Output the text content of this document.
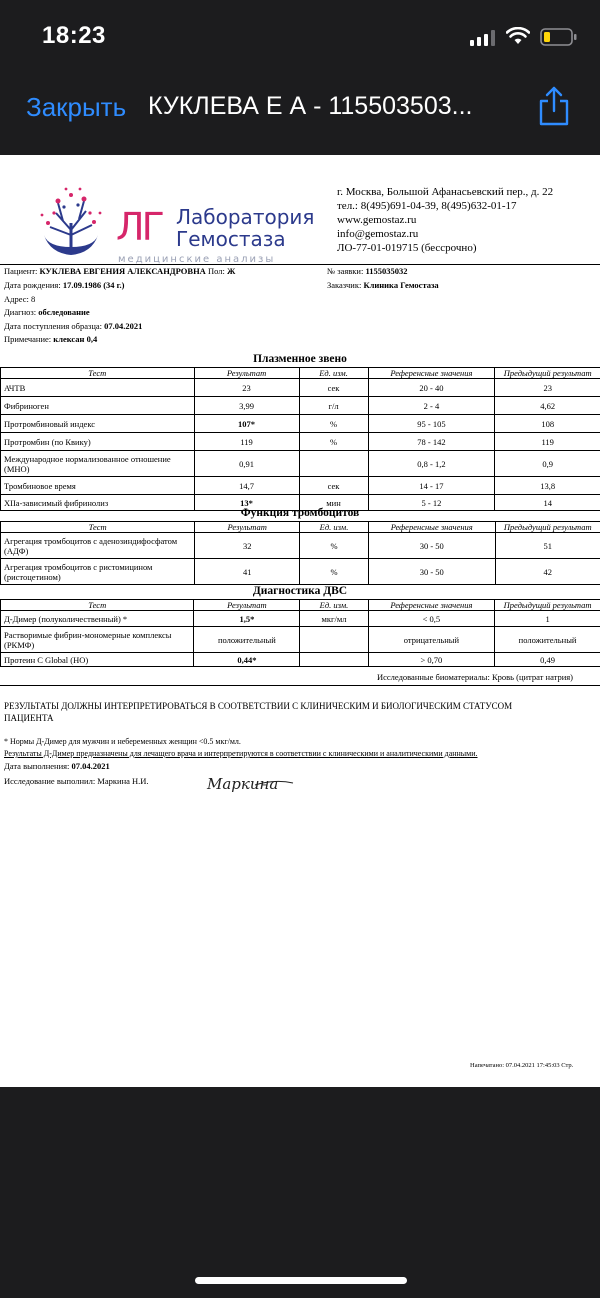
18:23
Закрыть КУКЛЕВА Е А - 115503503...
ЛГ Лаборатория
Гемостаза
медицинские анализы
г. Москва, Большой Афанасьевский пер., д. 22
тел.: 8(495)691-04-39, 8(495)632-01-17
www.gemostaz.ru
info@gemostaz.ru
ЛО-77-01-019715 (бессрочно)
Пациент: КУКЛЕВА ЕВГЕНИЯ АЛЕКСАНДРОВНА Пол: Ж	№ заявки: 1155035032
Дата рождения: 17.09.1986 (34 г.)	Заказчик: Клиника Гемостаза
Адрес: 8
Диагноз: обследование
Дата поступления образца: 07.04.2021
Примечание: клексан 0,4
Плазменное звено
Тест	Результат	Ед. изм.	Референсные значения	Предыдущий результат
АЧТВ	23	сек	20 - 40	23
Фибриноген	3,99	г/л	2 - 4	4,62
Протромбиновый индекс	107*	%	95 - 105	108
Протромбин (по Квику)	119	%	78 - 142	119
Международное нормализованное отношение (МНО)	0,91		0,8 - 1,2	0,9
Тромбиновое время	14,7	сек	14 - 17	13,8
XIIa-зависимый фибринолиз	13*	мин	5 - 12	14
Функция тромбоцитов
Тест	Результат	Ед. изм.	Референсные значения	Предыдущий результат
Агрегация тромбоцитов с аденозиндифосфатом (АДФ)	32	%	30 - 50	51
Агрегация тромбоцитов с ристомицином (ристоцетином)	41	%	30 - 50	42
Диагностика ДВС
Тест	Результат	Ед. изм.	Референсные значения	Предыдущий результат
Д-Димер (полуколичественный) *	1,5*	мкг/мл	< 0,5	1
Растворимые фибрин-мономерные комплексы (РКМФ)	положительный		отрицательный	положительный
Протеин С Global (НО)	0,44*		> 0,70	0,49
Исследованные биоматериалы: Кровь (цитрат натрия)
РЕЗУЛЬТАТЫ ДОЛЖНЫ ИНТЕРПРЕТИРОВАТЬСЯ В СООТВЕТСТВИИ С КЛИНИЧЕСКИМ И БИОЛОГИЧЕСКИМ СТАТУСОМ
ПАЦИЕНТА
* Нормы Д-Димер для мужчин и небеременных женщин <0.5 мкг/мл.
Результаты Д-Димер предназначены для лечащего врача и интерпретируются в соответствии с клиническими и аналитическими данными.
Дата выполнения: 07.04.2021
Исследование выполнил: Маркина Н.И.	Маркина
Напечатано: 07.04.2021 17:45:03 Стр.
